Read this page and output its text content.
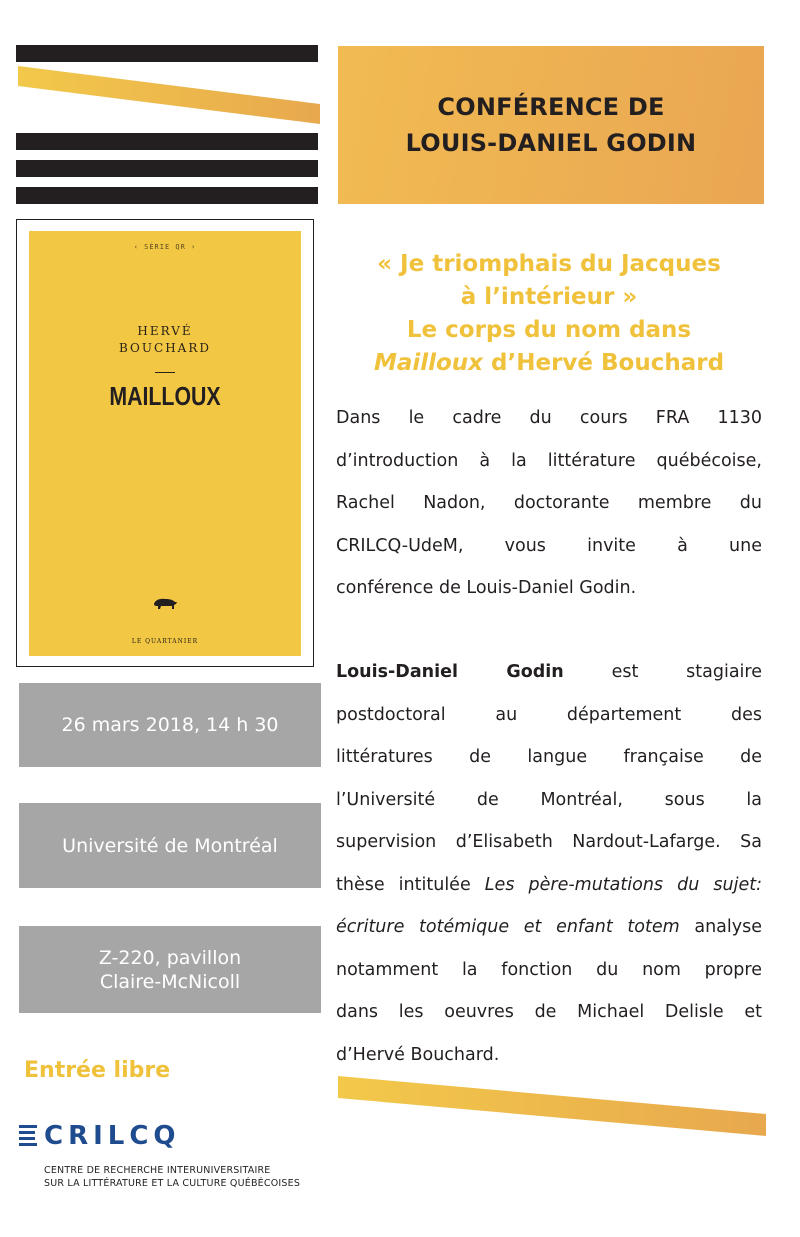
CONFÉRENCE DE
LOUIS-DANIEL GODIN
‹ SÉRIE QR ›
HERVÉ
BOUCHARD
MAILLOUX
LE QUARTANIER
26 mars 2018, 14 h 30
Université de Montréal
Z-220, pavillon
Claire-McNicoll
Entrée libre
CRILCQ
CENTRE DE RECHERCHE INTERUNIVERSITAIRE
SUR LA LITTÉRATURE ET LA CULTURE QUÉBÉCOISES
« Je triomphais du Jacques
à l’intérieur »
Le corps du nom dans
Mailloux d’Hervé Bouchard
Dans le cadre du cours FRA 1130
d’introduction à la littérature québécoise,
Rachel Nadon, doctorante membre du
CRILCQ-UdeM, vous invite à une
conférence de Louis-Daniel Godin.
Louis-Daniel Godin est stagiaire
postdoctoral au département des
littératures de langue française de
l’Université de Montréal, sous la
supervision d’Elisabeth Nardout-Lafarge. Sa
thèse intitulée Les père-mutations du sujet:
écriture totémique et enfant totem analyse
notamment la fonction du nom propre
dans les oeuvres de Michael Delisle et
d’Hervé Bouchard.
